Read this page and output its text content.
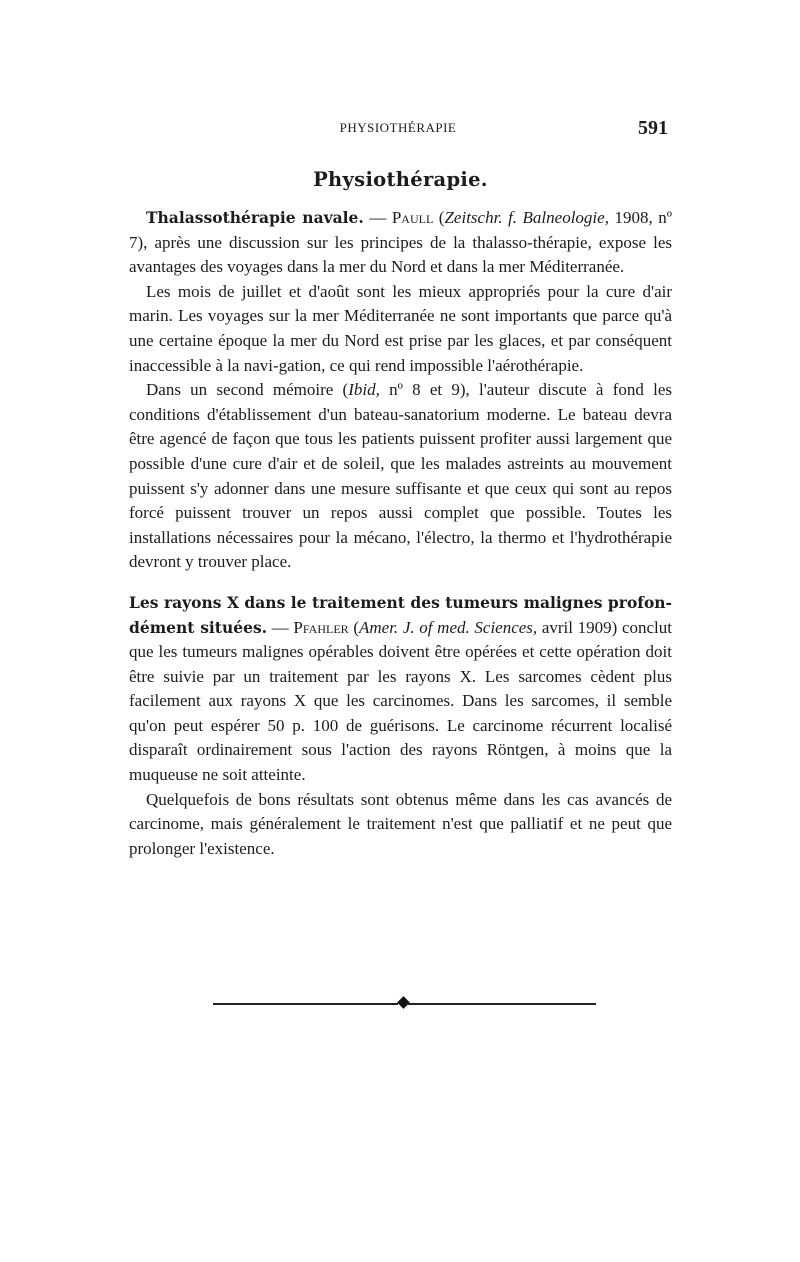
PHYSIOTHÉRAPIE	591
Physiothérapie.

Thalassothérapie navale. — Paull (Zeitschr. f. Balneologie, 1908, nº 7), après une discussion sur les principes de la thalasso-thérapie, expose les avantages des voyages dans la mer du Nord et dans la mer Méditerranée.

Les mois de juillet et d'août sont les mieux appropriés pour la cure d'air marin. Les voyages sur la mer Méditerranée ne sont importants que parce qu'à une certaine époque la mer du Nord est prise par les glaces, et par conséquent inaccessible à la navi-gation, ce qui rend impossible l'aérothérapie.

Dans un second mémoire (Ibid, nº 8 et 9), l'auteur discute à fond les conditions d'établissement d'un bateau-sanatorium moderne. Le bateau devra être agencé de façon que tous les patients puissent profiter aussi largement que possible d'une cure d'air et de soleil, que les malades astreints au mouvement puissent s'y adonner dans une mesure suffisante et que ceux qui sont au repos forcé puissent trouver un repos aussi complet que possible. Toutes les installations nécessaires pour la mécano, l'électro, la thermo et l'hydrothérapie devront y trouver place.

Les rayons X dans le traitement des tumeurs malignes profon-dément situées. — Pfahler (Amer. J. of med. Sciences, avril 1909) conclut que les tumeurs malignes opérables doivent être opérées et cette opération doit être suivie par un traitement par les rayons X. Les sarcomes cèdent plus facilement aux rayons X que les carcinomes. Dans les sarcomes, il semble qu'on peut espérer 50 p. 100 de guérisons. Le carcinome récurrent localisé disparaît ordinairement sous l'action des rayons Röntgen, à moins que la muqueuse ne soit atteinte.

Quelquefois de bons résultats sont obtenus même dans les cas avancés de carcinome, mais généralement le traitement n'est que palliatif et ne peut que prolonger l'existence.
